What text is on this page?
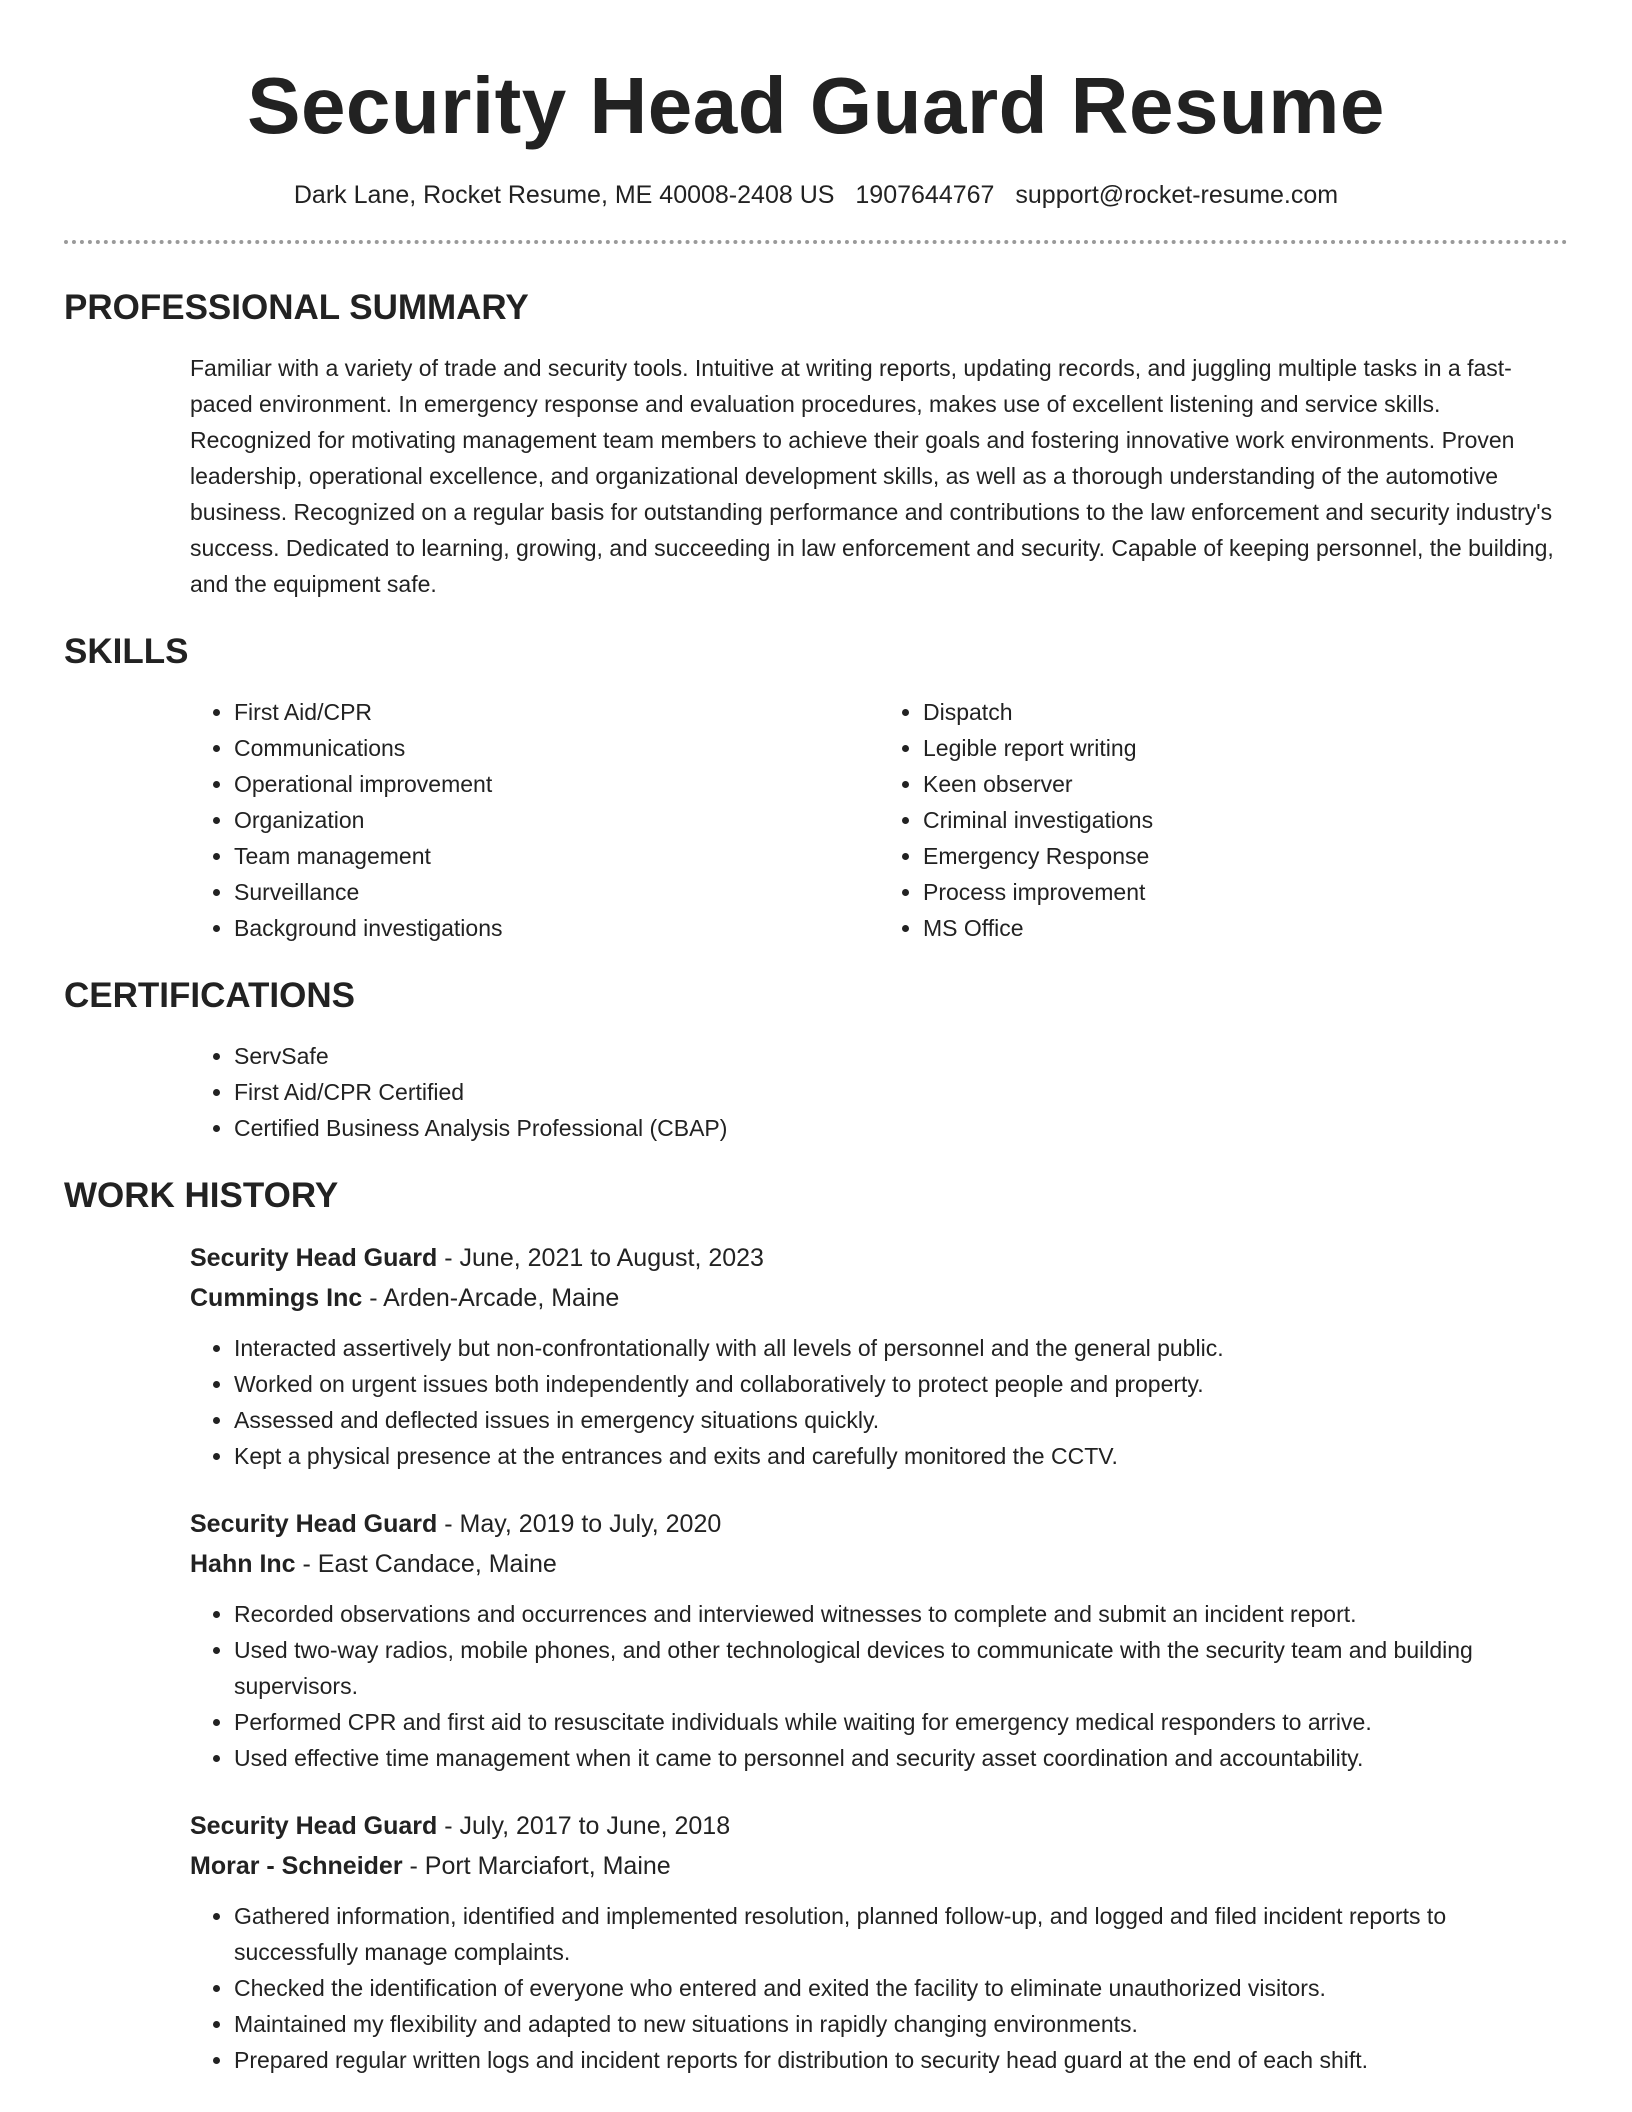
Security Head Guard Resume
Dark Lane, Rocket Resume, ME 40008-2408 US 1907644767 support@rocket-resume.com
PROFESSIONAL SUMMARY

Familiar with a variety of trade and security tools. Intuitive at writing reports, updating records, and juggling multiple tasks in a fast-paced environment. In emergency response and evaluation procedures, makes use of excellent listening and service skills. Recognized for motivating management team members to achieve their goals and fostering innovative work environments. Proven leadership, operational excellence, and organizational development skills, as well as a thorough understanding of the automotive business. Recognized on a regular basis for outstanding performance and contributions to the law enforcement and security industry's success. Dedicated to learning, growing, and succeeding in law enforcement and security. Capable of keeping personnel, the building, and the equipment safe.

SKILLS
• First Aid/CPR
• Communications
• Operational improvement
• Organization
• Team management
• Surveillance
• Background investigations
• Dispatch
• Legible report writing
• Keen observer
• Criminal investigations
• Emergency Response
• Process improvement
• MS Office
CERTIFICATIONS
• ServSafe
• First Aid/CPR Certified
• Certified Business Analysis Professional (CBAP)
WORK HISTORY
Security Head Guard - June, 2021 to August, 2023
Cummings Inc - Arden-Arcade, Maine
• Interacted assertively but non-confrontationally with all levels of personnel and the general public.
• Worked on urgent issues both independently and collaboratively to protect people and property.
• Assessed and deflected issues in emergency situations quickly.
• Kept a physical presence at the entrances and exits and carefully monitored the CCTV.
Security Head Guard - May, 2019 to July, 2020
Hahn Inc - East Candace, Maine
• Recorded observations and occurrences and interviewed witnesses to complete and submit an incident report.
• Used two-way radios, mobile phones, and other technological devices to communicate with the security team and building supervisors.
• Performed CPR and first aid to resuscitate individuals while waiting for emergency medical responders to arrive.
• Used effective time management when it came to personnel and security asset coordination and accountability.
Security Head Guard - July, 2017 to June, 2018
Morar - Schneider - Port Marciafort, Maine
• Gathered information, identified and implemented resolution, planned follow-up, and logged and filed incident reports to successfully manage complaints.
• Checked the identification of everyone who entered and exited the facility to eliminate unauthorized visitors.
• Maintained my flexibility and adapted to new situations in rapidly changing environments.
• Prepared regular written logs and incident reports for distribution to security head guard at the end of each shift.
